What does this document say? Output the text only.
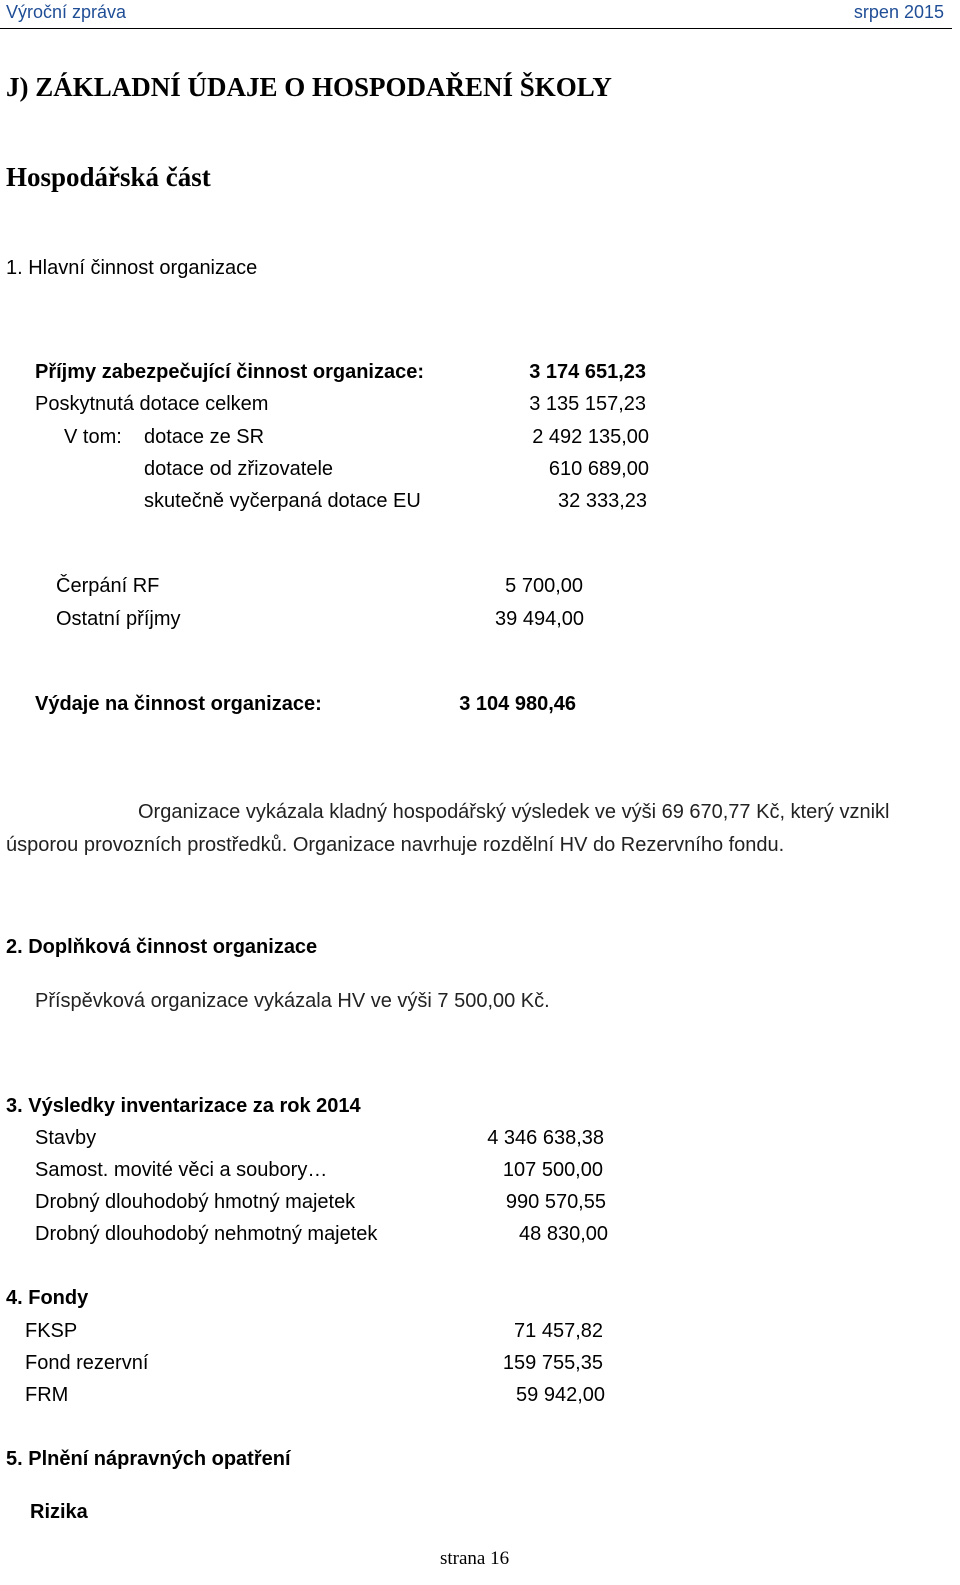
Výroční zpráva	srpen 2015
J) ZÁKLADNÍ ÚDAJE O HOSPODAŘENÍ ŠKOLY
Hospodářská část
1. Hlavní činnost organizace
Příjmy zabezpečující činnost organizace:	3 174 651,23
Poskytnutá dotace celkem	3 135 157,23
V tom: dotace ze SR	2 492 135,00
dotace od zřizovatele	610 689,00
skutečně vyčerpaná dotace EU	32 333,23
Čerpání RF	5 700,00
Ostatní příjmy	39 494,00
Výdaje na činnost organizace:	3 104 980,46
Organizace vykázala kladný hospodářský výsledek ve výši 69 670,77 Kč, který vznikl úsporou provozních prostředků. Organizace navrhuje rozdělní HV do Rezervního fondu.
2. Doplňková činnost organizace
Příspěvková organizace vykázala HV ve výši 7 500,00 Kč.
3. Výsledky inventarizace za rok 2014
Stavby	4 346 638,38
Samost. movité věci a soubory…	107 500,00
Drobný dlouhodobý hmotný majetek	990 570,55
Drobný dlouhodobý nehmotný majetek	48 830,00
4. Fondy
FKSP	71 457,82
Fond rezervní	159 755,35
FRM	59 942,00
5. Plnění nápravných opatření
Rizika
strana 16
